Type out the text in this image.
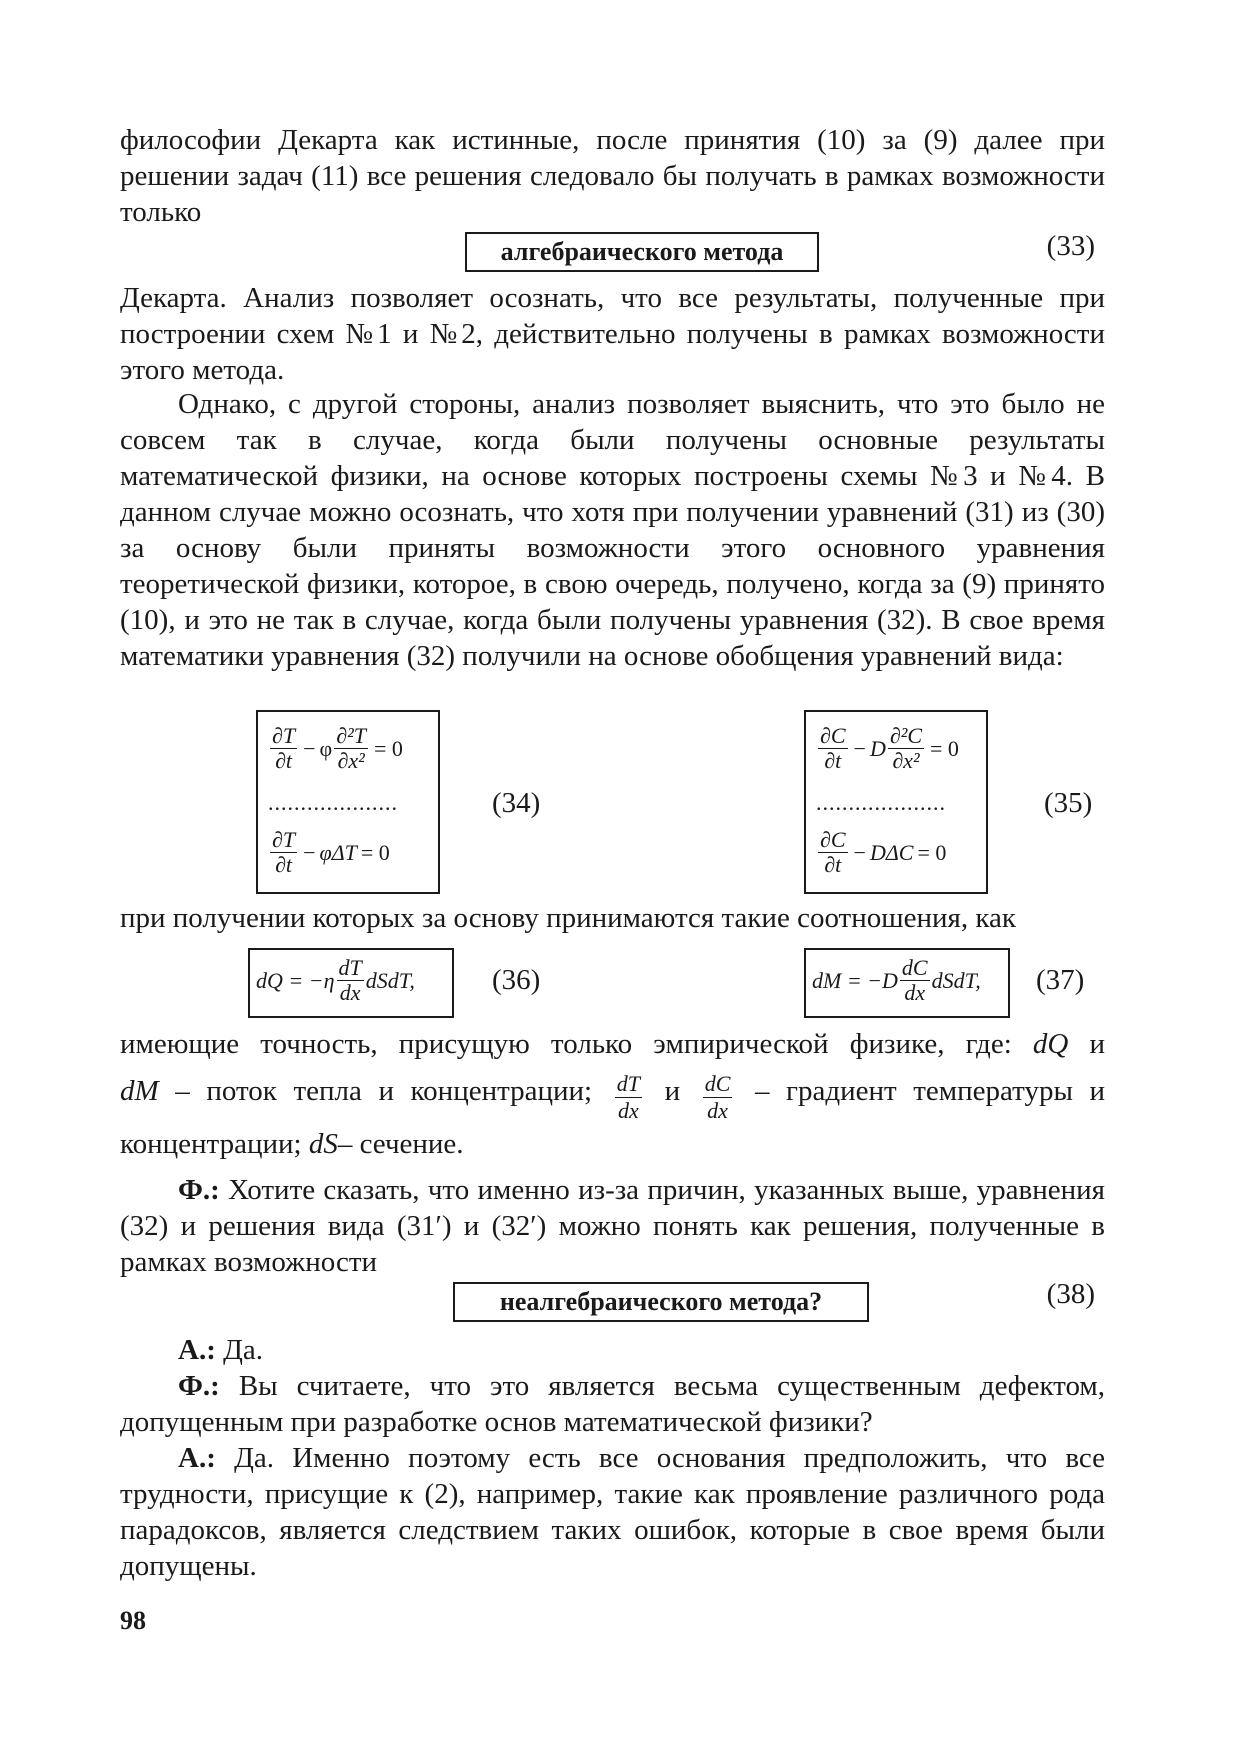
философии Декарта как истинные, после принятия (10) за (9) далее при решении задач (11) все решения следовало бы получать в рамках возможности только

алгебраического метода	(33)

Декарта. Анализ позволяет осознать, что все результаты, полученные при построении схем №1 и №2, действительно получены в рамках возможности этого метода.

Однако, с другой стороны, анализ позволяет выяснить, что это было не совсем так в случае, когда были получены основные результаты математической физики, на основе которых построены схемы №3 и №4. В данном случае можно осознать, что хотя при получении уравнений (31) из (30) за основу были приняты возможности этого основного уравнения теоретической физики, которое, в свою очередь, получено, когда за (9) принято (10), и это не так в случае, когда были получены уравнения (32). В свое время математики уравнения (32) получили на основе обобщения уравнений вида:

$\frac{\partial T}{\partial t} - \varphi \frac{\text{∂²T}}{\text{∂x²}} = 0$
....................
$\frac{\partial T}{\partial t} - \varphi\Delta T = 0$
(34)
$\frac{\partial C}{\partial t} - D \frac{\text{∂²C}}{\text{∂x²}} = 0$
....................
$\frac{\partial C}{\partial t} - D\Delta C = 0$
(35)

при получении которых за основу принимаются такие соотношения, как

dQ = $-\eta \frac{dT}{dx}$ dSdT,	(36)	dM = $-D \frac{dC}{dx}$ dSdT, (37)

имеющие точность, присущую только эмпирической физике, где: dQ и

dM – поток тепла и концентрации; $\frac{dT}{dx}$ и $\frac{dC}{dx}$ – градиент температуры и

концентрации; dS– сечение.

Ф.: Хотите сказать, что именно из-за причин, указанных выше, уравнения (32) и решения вида (31′) и (32′) можно понять как решения, полученные в рамках возможности

неалгебраического метода?	(38)

А.: Да.

Ф.: Вы считаете, что это является весьма существенным дефектом, допущенным при разработке основ математической физики?

А.: Да. Именно поэтому есть все основания предположить, что все трудности, присущие к (2), например, такие как проявление различного рода парадоксов, является следствием таких ошибок, которые в свое время были допущены.

98
